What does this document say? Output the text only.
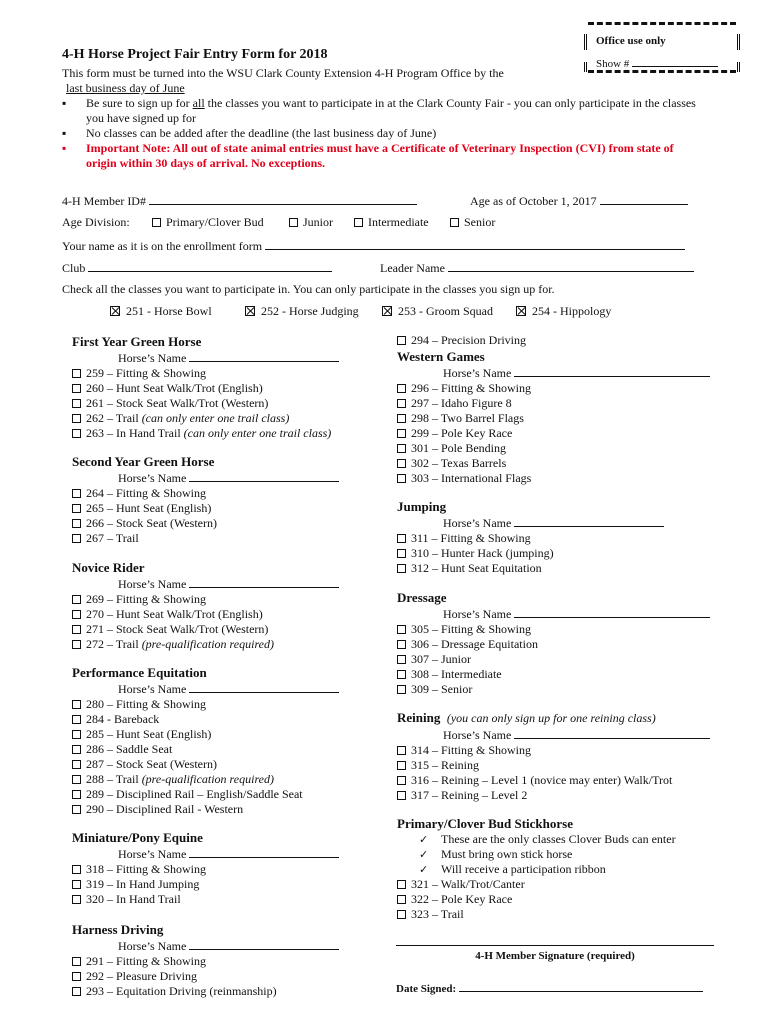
Office use only
Show #
4-H Horse Project Fair Entry Form for 2018
This form must be turned into the WSU Clark County Extension 4-H Program Office by the
last business day of June
▪ Be sure to sign up for all the classes you want to participate in at the Clark County Fair - you can only participate in the classes
you have signed up for
▪ No classes can be added after the deadline (the last business day of June)
▪ Important Note: All out of state animal entries must have a Certificate of Veterinary Inspection (CVI) from state of
origin within 30 days of arrival. No exceptions.
4-H Member ID#	Age as of October 1, 2017
Age Division:	Primary/Clover Bud	Junior	Intermediate	Senior
Your name as it is on the enrollment form
Club	Leader Name
Check all the classes you want to participate in. You can only participate in the classes you sign up for.
251 - Horse Bowl	252 - Horse Judging	253 - Groom Squad	254 - Hippology
First Year Green Horse
Horse’s Name
259 – Fitting & Showing
260 – Hunt Seat Walk/Trot (English)
261 – Stock Seat Walk/Trot (Western)
262 – Trail (can only enter one trail class)
263 – In Hand Trail (can only enter one trail class)
Second Year Green Horse
Horse’s Name
264 – Fitting & Showing
265 – Hunt Seat (English)
266 – Stock Seat (Western)
267 – Trail
Novice Rider
Horse’s Name
269 – Fitting & Showing
270 – Hunt Seat Walk/Trot (English)
271 – Stock Seat Walk/Trot (Western)
272 – Trail (pre-qualification required)
Performance Equitation
Horse’s Name
280 – Fitting & Showing
284 - Bareback
285 – Hunt Seat (English)
286 – Saddle Seat
287 – Stock Seat (Western)
288 – Trail (pre-qualification required)
289 – Disciplined Rail – English/Saddle Seat
290 – Disciplined Rail - Western
Miniature/Pony Equine
Horse’s Name
318 – Fitting & Showing
319 – In Hand Jumping
320 – In Hand Trail
Harness Driving
Horse’s Name
291 – Fitting & Showing
292 – Pleasure Driving
293 – Equitation Driving (reinmanship)
294 – Precision Driving
Western Games
Horse’s Name
296 – Fitting & Showing
297 – Idaho Figure 8
298 – Two Barrel Flags
299 – Pole Key Race
301 – Pole Bending
302 – Texas Barrels
303 – International Flags
Jumping
Horse’s Name
311 – Fitting & Showing
310 – Hunter Hack (jumping)
312 – Hunt Seat Equitation
Dressage
Horse’s Name
305 – Fitting & Showing
306 – Dressage Equitation
307 – Junior
308 – Intermediate
309 – Senior
Reining (you can only sign up for one reining class)
Horse’s Name
314 – Fitting & Showing
315 – Reining
316 – Reining – Level 1 (novice may enter) Walk/Trot
317 – Reining – Level 2
Primary/Clover Bud Stickhorse
✓ These are the only classes Clover Buds can enter
✓ Must bring own stick horse
✓ Will receive a participation ribbon
321 – Walk/Trot/Canter
322 – Pole Key Race
323 – Trail
4-H Member Signature (required)
Date Signed:
